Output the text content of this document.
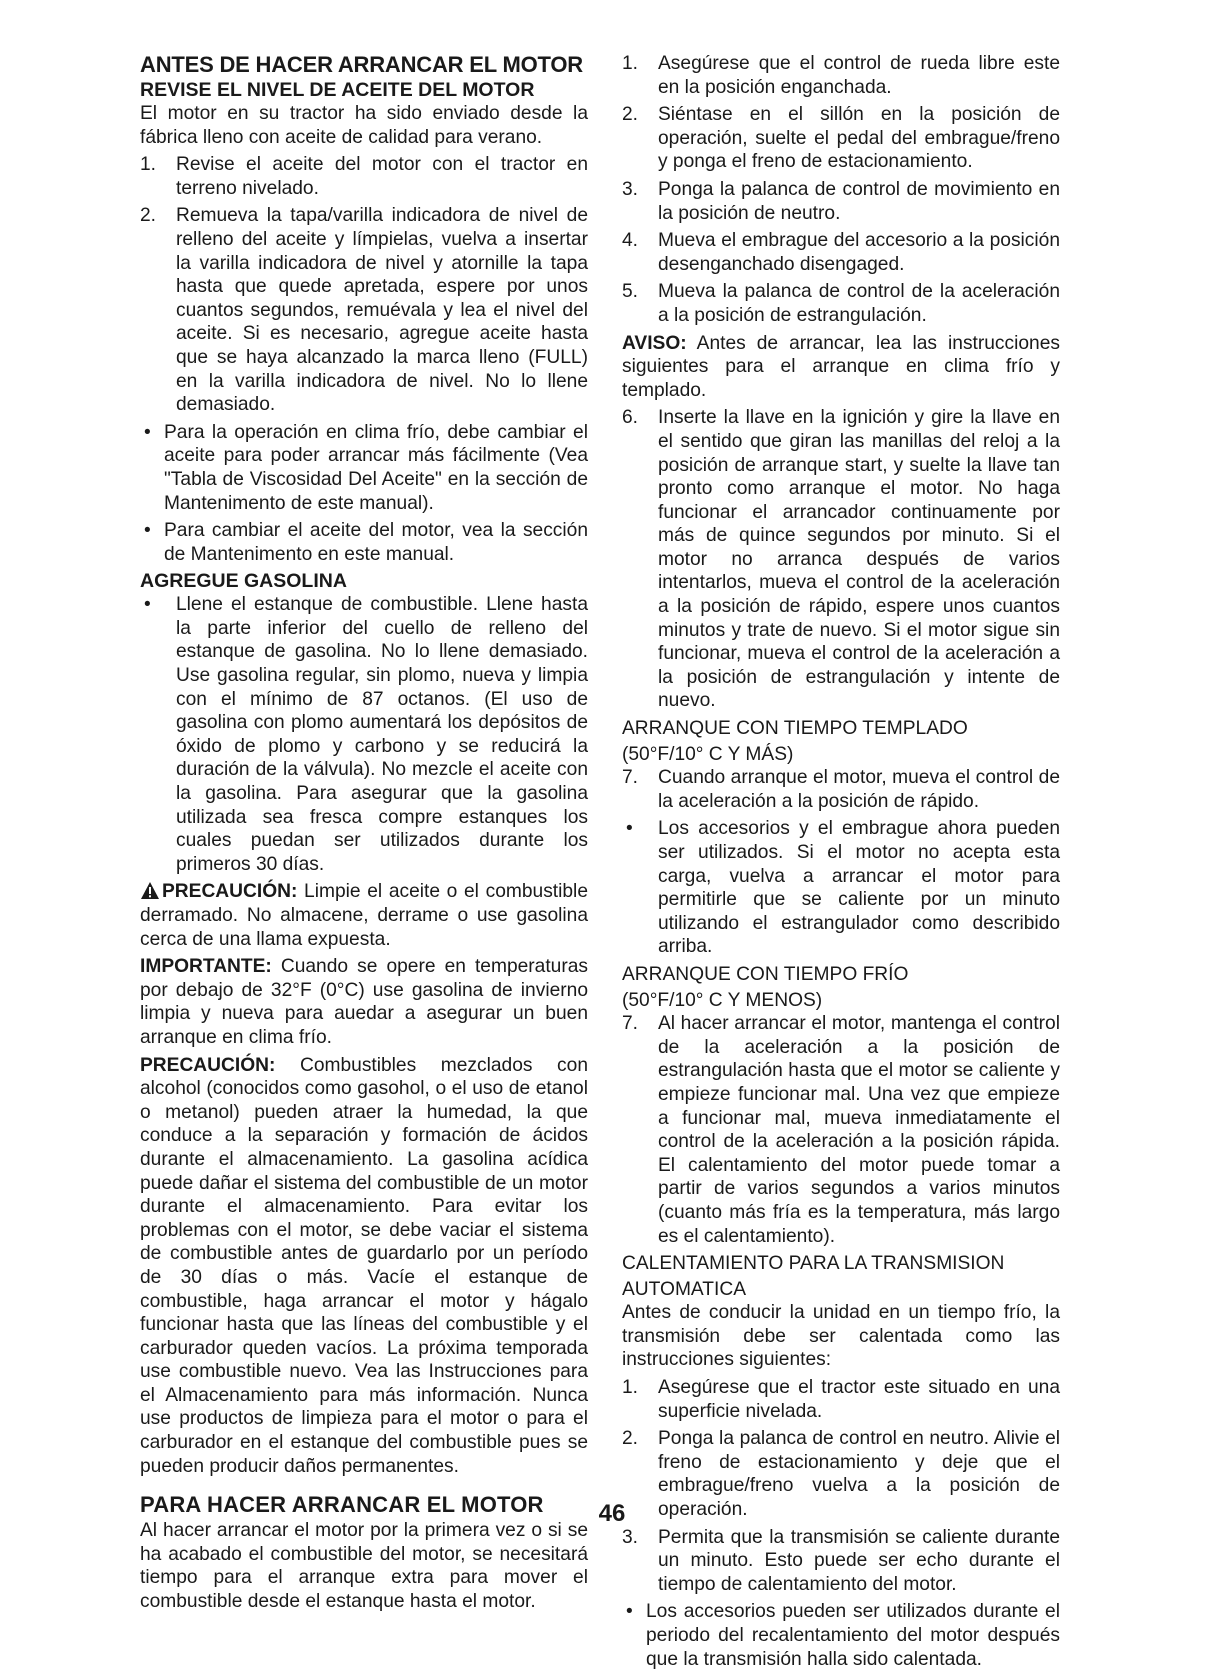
ANTES DE HACER ARRANCAR EL MOTOR
REVISE EL NIVEL DE ACEITE DEL MOTOR

El motor en su tractor ha sido enviado desde la fábrica lleno con aceite de calidad para verano.

1. Revise el aceite del motor con el tractor en terreno nivelado.
2. Remueva la tapa/varilla indicadora de nivel de relleno del aceite y límpielas, vuelva a insertar la varilla indicadora de nivel y atornille la tapa hasta que quede apretada, espere por unos cuantos segundos, remuévala y lea el nivel del aceite. Si es necesario, agregue aceite hasta que se haya alcanzado la marca lleno (FULL) en la varilla indicadora de nivel. No lo llene demasiado.
• Para la operación en clima frío, debe cambiar el aceite para poder arrancar más fácilmente (Vea "Tabla de Viscosidad Del Aceite" en la sección de Mantenimento de este manual).
• Para cambiar el aceite del motor, vea la sección de Mantenimento en este manual.
AGREGUE GASOLINA
• Llene el estanque de combustible. Llene hasta la parte inferior del cuello de relleno del estanque de gasolina. No lo llene demasiado. Use gasolina regular, sin plomo, nueva y limpia con el mínimo de 87 octanos. (El uso de gasolina con plomo aumentará los depósitos de óxido de plomo y carbono y se reducirá la duración de la válvula). No mezcle el aceite con la gasolina. Para asegurar que la gasolina utilizada sea fresca compre estanques los cuales puedan ser utilizados durante los primeros 30 días.

PRECAUCIÓN: Limpie el aceite o el combustible derramado. No almacene, derrame o use gasolina cerca de una llama expuesta.

IMPORTANTE: Cuando se opere en temperaturas por debajo de 32°F (0°C) use gasolina de invierno limpia y nueva para auedar a asegurar un buen arranque en clima frío.

PRECAUCIÓN: Combustibles mezclados con alcohol (conocidos como gasohol, o el uso de etanol o metanol) pueden atraer la humedad, la que conduce a la separación y formación de ácidos durante el almacenamiento. La gasolina acídica puede dañar el sistema del combustible de un motor durante el almacenamiento. Para evitar los problemas con el motor, se debe vaciar el sistema de combustible antes de guardarlo por un período de 30 días o más. Vacíe el estanque de combustible, haga arrancar el motor y hágalo funcionar hasta que las líneas del combustible y el carburador queden vacíos. La próxima temporada use combustible nuevo. Vea las Instrucciones para el Almacenamiento para más información. Nunca use productos de limpieza para el motor o para el carburador en el estanque del combustible pues se pueden producir daños permanentes.

PARA HACER ARRANCAR EL MOTOR

Al hacer arrancar el motor por la primera vez o si se ha acabado el combustible del motor, se necesitará tiempo para el arranque extra para mover el combustible desde el estanque hasta el motor.

1. Asegúrese que el control de rueda libre este en la posición enganchada.
2. Siéntase en el sillón en la posición de operación, suelte el pedal del embrague/freno y ponga el freno de estacionamiento.
3. Ponga la palanca de control de movimiento en la posición de neutro.
4. Mueva el embrague del accesorio a la posición desenganchado disengaged.
5. Mueva la palanca de control de la aceleración a la posición de estrangulación.

AVISO: Antes de arrancar, lea las instrucciones siguientes para el arranque en clima frío y templado.

6. Inserte la llave en la ignición y gire la llave en el sentido que giran las manillas del reloj a la posición de arranque start, y suelte la llave tan pronto como arranque el motor. No haga funcionar el arrancador continuamente por más de quince segundos por minuto. Si el motor no arranca después de varios intentarlos, mueva el control de la aceleración a la posición de rápido, espere unos cuantos minutos y trate de nuevo. Si el motor sigue sin funcionar, mueva el control de la aceleración a la posición de estrangulación y intente de nuevo.
ARRANQUE CON TIEMPO TEMPLADO
(50°F/10° C Y MÁS)
7. Cuando arranque el motor, mueva el control de la aceleración a la posición de rápido.
• Los accesorios y el embrague ahora pueden ser utilizados. Si el motor no acepta esta carga, vuelva a arrancar el motor para permitirle que se caliente por un minuto utilizando el estrangulador como describido arriba.
ARRANQUE CON TIEMPO FRÍO
(50°F/10° C Y MENOS)
7. Al hacer arrancar el motor, mantenga el control de la aceleración a la posición de estrangulación hasta que el motor se caliente y empieze funcionar mal. Una vez que empieze a funcionar mal, mueva inmediatamente el control de la aceleración a la posición rápida. El calentamiento del motor puede tomar a partir de varios segundos a varios minutos (cuanto más fría es la temperatura, más largo es el calentamiento).
CALENTAMIENTO PARA LA TRANSMISION
AUTOMATICA

Antes de conducir la unidad en un tiempo frío, la transmisión debe ser calentada como las instrucciones siguientes:

1. Asegúrese que el tractor este situado en una superficie nivelada.
2. Ponga la palanca de control en neutro. Alivie el freno de estacionamiento y deje que el embrague/freno vuelva a la posición de operación.
3. Permita que la transmisión se caliente durante un minuto. Esto puede ser echo durante el tiempo de calentamiento del motor.
• Los accesorios pueden ser utilizados durante el periodo del recalentamiento del motor después que la transmisión halla sido calentada.
46
